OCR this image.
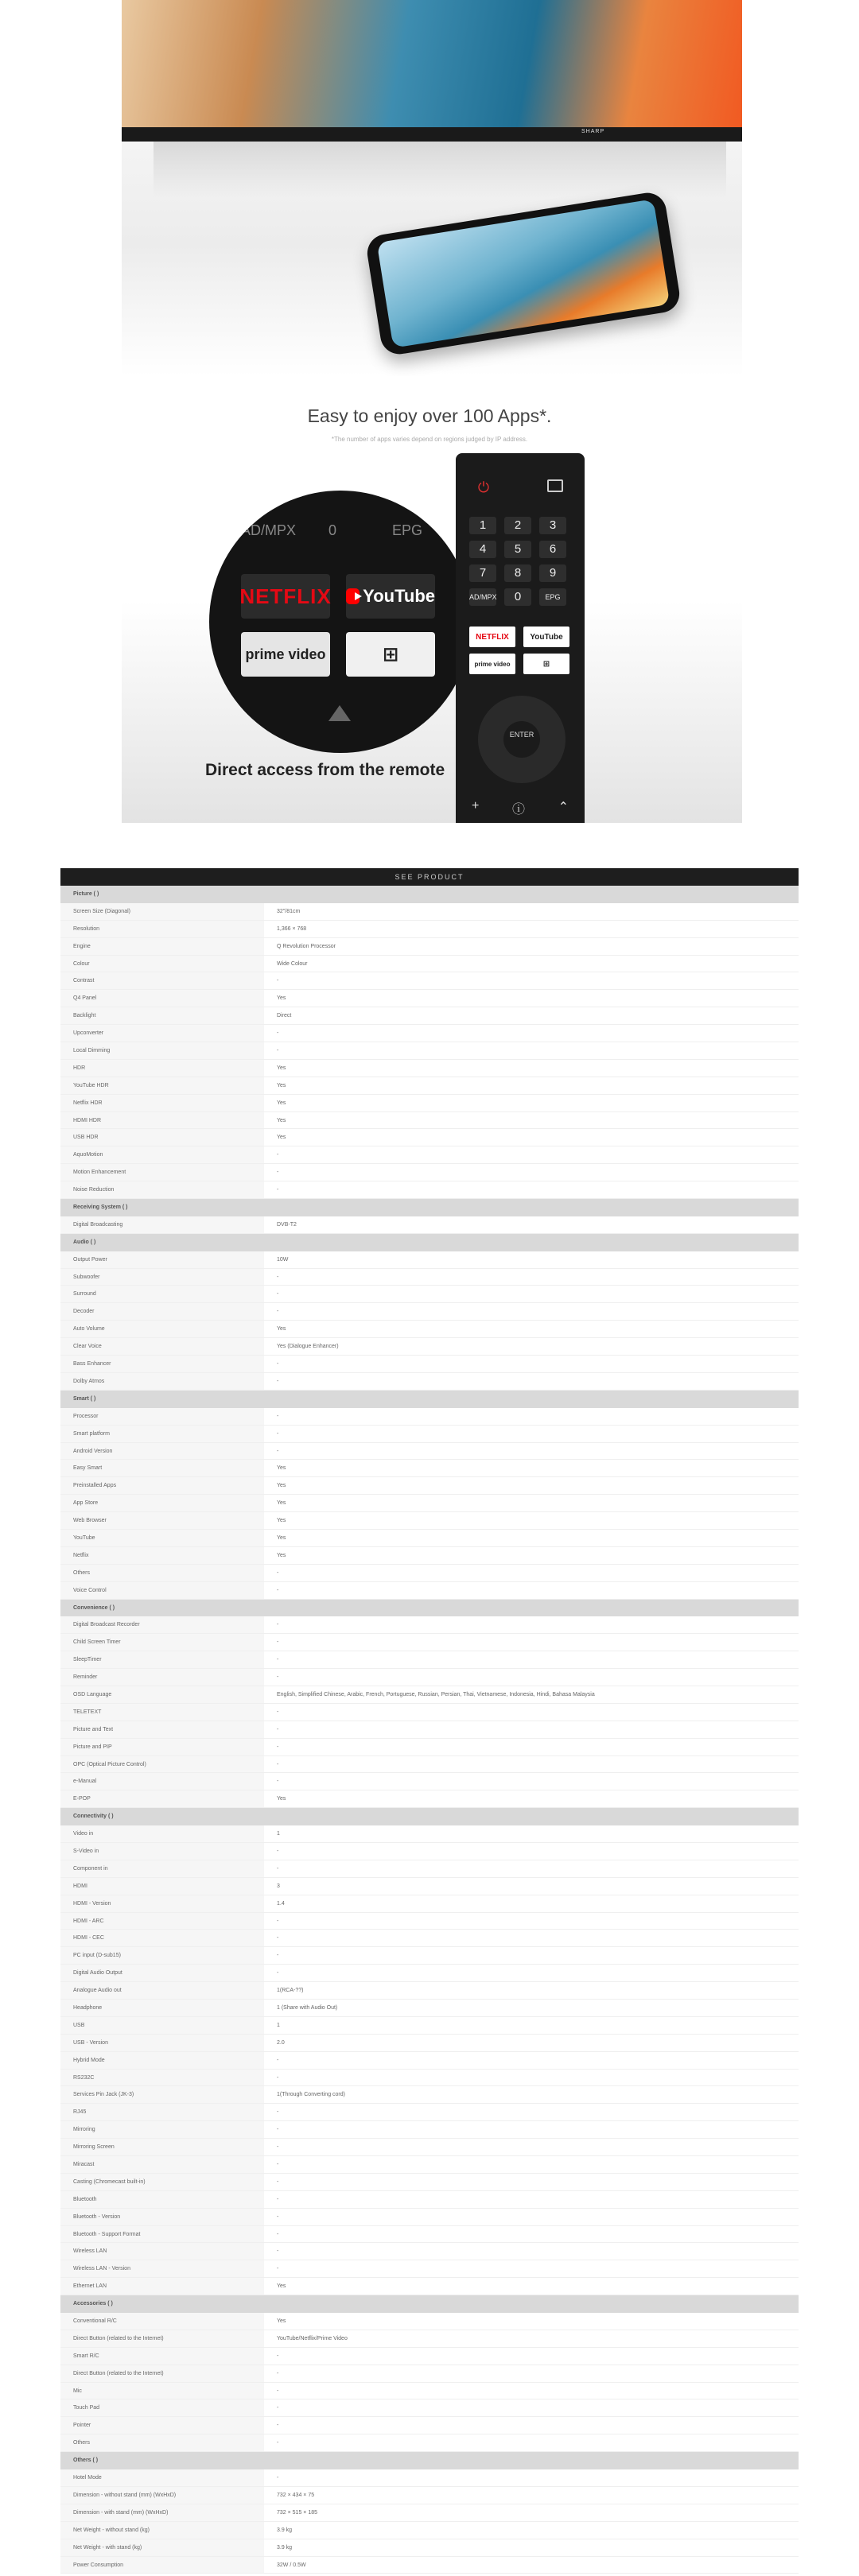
SHARP
Easy to enjoy over 100 Apps*.
*The number of apps varies depend on regions judged by IP address.
AD/MPX 0	EPG
NETFLIX YouTube
prime video	⊞
⏻
1	2	3
4	5	6
7	8	9
AD/MPX	0	EPG
NETFLIX	YouTube
prime video	⊞
ENTER
+	ⓘ	⌃
Direct access from the remote
SEE PRODUCT
Picture ( )
Screen Size (Diagonal)	32"/81cm
Resolution	1,366 × 768
Engine	Q Revolution Processor
Colour	Wide Colour
Contrast	-
Q4 Panel	Yes
Backlight	Direct
Upconverter	-
Local Dimming	-
HDR	Yes
YouTube HDR	Yes
Netflix HDR	Yes
HDMI HDR	Yes
USB HDR	Yes
AquoMotion	-
Motion Enhancement	-
Noise Reduction	-
Receiving System ( )
Digital Broadcasting	DVB-T2
Audio ( )
Output Power	10W
Subwoofer	-
Surround	-
Decoder	-
Auto Volume	Yes
Clear Voice	Yes (Dialogue Enhancer)
Bass Enhancer	-
Dolby Atmos	-
Smart ( )
Processor	-
Smart platform	-
Android Version	-
Easy Smart	Yes
Preinstalled Apps	Yes
App Store	Yes
Web Browser	Yes
YouTube	Yes
Netflix	Yes
Others	-
Voice Control	-
Convenience ( )
Digital Broadcast Recorder	-
Child Screen Timer	-
SleepTimer	-
Reminder	-
OSD Language	English, Simplified Chinese, Arabic, French, Portuguese, Russian, Persian, Thai, Vietnamese, Indonesia, Hindi, Bahasa Malaysia
TELETEXT	-
Picture and Text	-
Picture and PIP	-
OPC (Optical Picture Control)	-
e-Manual	-
E-POP	Yes
Connectivity ( )
Video in	1
S-Video in	-
Component in	-
HDMI	3
HDMI - Version	1.4
HDMI - ARC	-
HDMI - CEC	-
PC input (D-sub15)	-
Digital Audio Output	-
Analogue Audio out	1(RCA-??)
Headphone	1 (Share with Audio Out)
USB	1
USB - Version	2.0
Hybrid Mode	-
RS232C	-
Services Pin Jack (JK-3)	1(Through Converting cord)
RJ45	-
Mirroring	-
Mirroring Screen	-
Miracast	-
Casting (Chromecast built-in)	-
Bluetooth	-
Bluetooth - Version	-
Bluetooth - Support Format	-
Wireless LAN	-
Wireless LAN - Version	-
Ethernet LAN	Yes
Accessories ( )
Conventional R/C	Yes
Direct Button (related to the Internet)	YouTube/Netflix/Prime Video
Smart R/C	-
Direct Button (related to the Internet)	-
Mic	-
Touch Pad	-
Pointer	-
Others	-
Others ( )
Hotel Mode	-
Dimension - without stand (mm) (WxHxD)	732 × 434 × 75
Dimension - with stand (mm) (WxHxD)	732 × 515 × 185
Net Weight - without stand (kg)	3.9 kg
Net Weight - with stand (kg)	3.9 kg
Power Consumption	32W / 0.5W
